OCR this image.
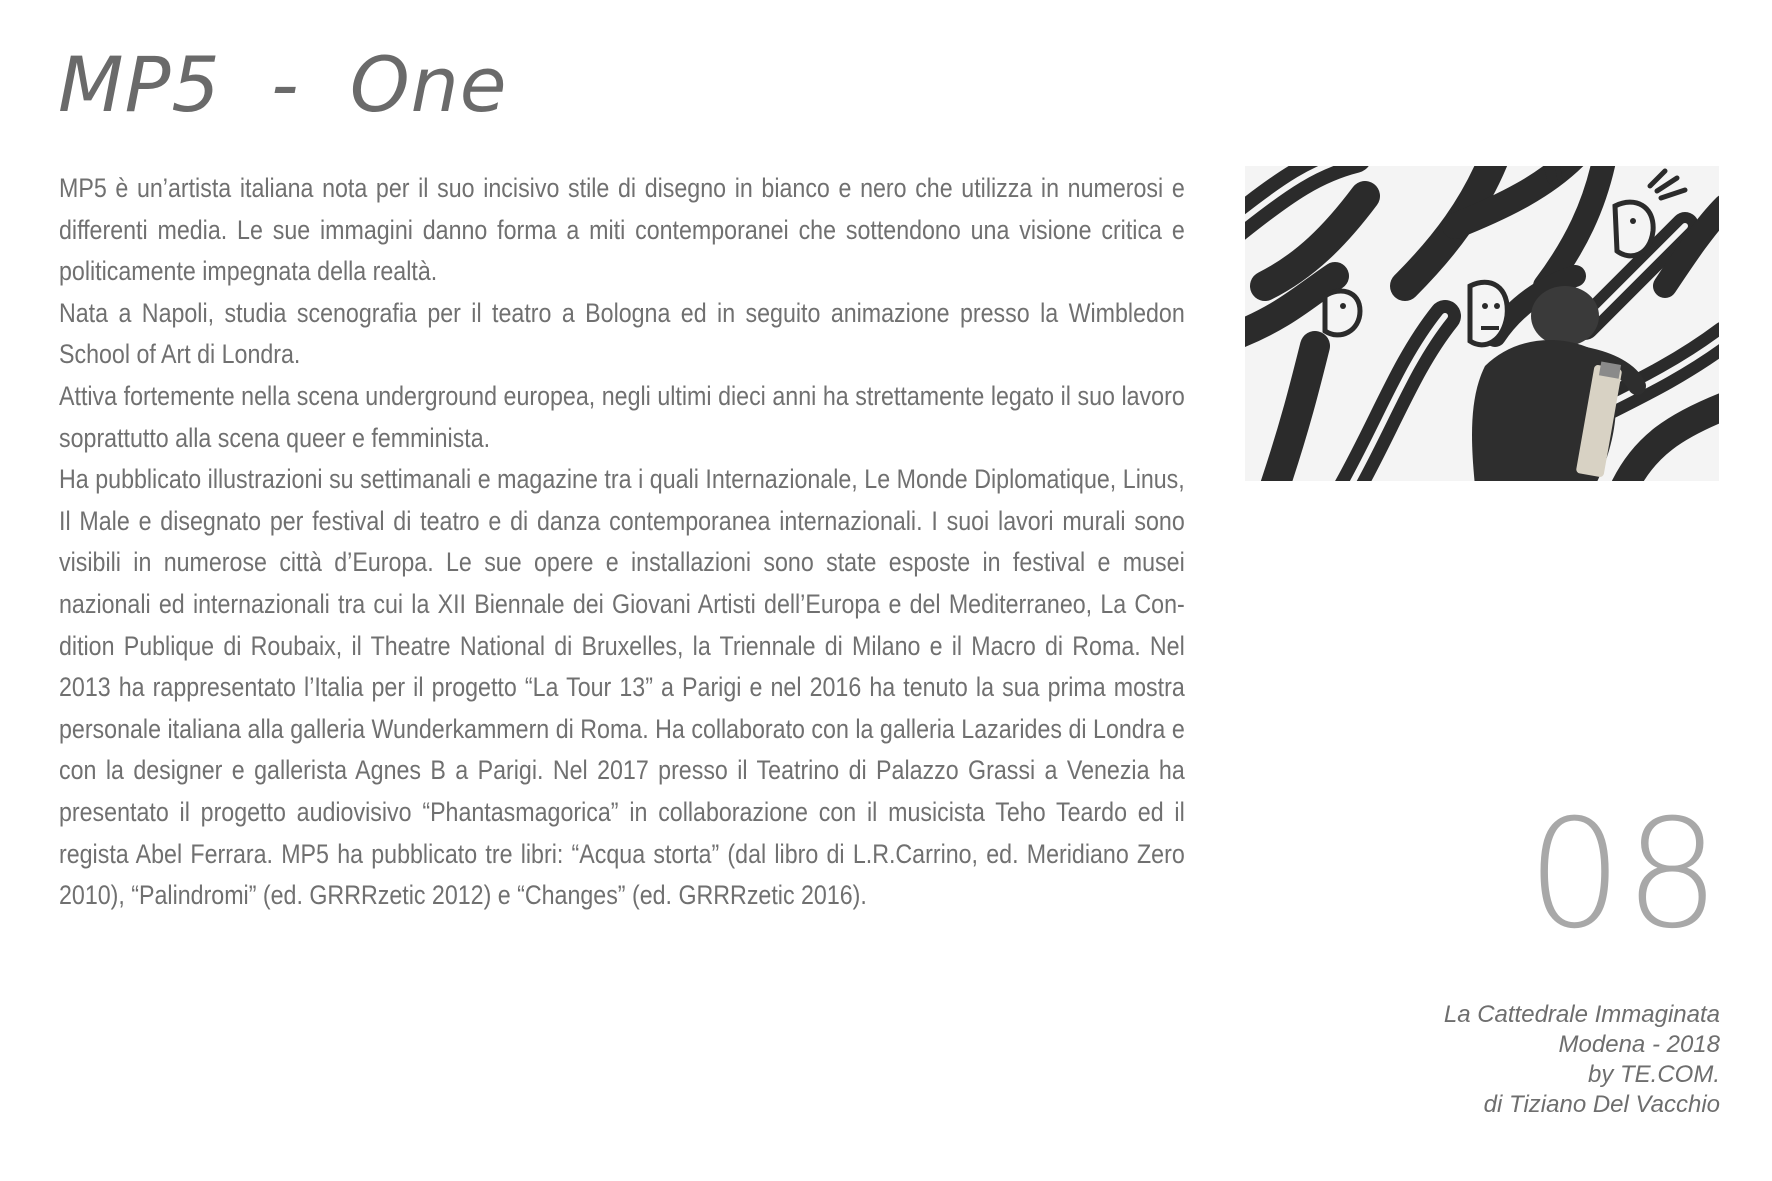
MP5  -  One

MP5 è un’artista italiana nota per il suo incisivo stile di disegno in bianco e nero che utilizza in numerosi e differenti media. Le sue immagini danno forma a miti contemporanei che sottendono una visione critica e politicamente impegnata della realtà.

Nata a Napoli, studia scenografia per il teatro a Bologna ed in seguito animazione presso la Wimbledon School of Art di Londra.

Attiva fortemente nella scena underground europea, negli ultimi dieci anni ha strettamente legato il suo lavoro soprattutto alla scena queer e femminista.

Ha pubblicato illustrazioni su settimanali e magazine tra i quali Internazionale, Le Monde Diplomatique, Linus, Il Male e disegnato per festival di teatro e di danza contemporanea internazionali. I suoi lavori murali sono visibili in numerose città d’Europa. Le sue opere e installazioni sono state esposte in festival e musei nazionali ed internazionali tra cui la XII Biennale dei Giovani Artisti dell’Europa e del Mediterraneo, La Con-dition Publique di Roubaix, il Theatre National di Bruxelles, la Triennale di Milano e il Macro di Roma. Nel 2013 ha rappresentato l’Italia per il progetto “La Tour 13” a Parigi e nel 2016 ha tenuto la sua prima mostra personale italiana alla galleria Wunderkammern di Roma. Ha collaborato con la galleria Lazarides di Londra e con la designer e gallerista Agnes B a Parigi. Nel 2017 presso il Teatrino di Palazzo Grassi a Venezia ha presentato il progetto audiovisivo “Phantasmagorica” in collaborazione con il musicista Teho Teardo ed il regista Abel Ferrara. MP5 ha pubblicato tre libri: “Acqua storta” (dal libro di L.R.Carrino, ed. Meridiano Zero 2010), “Palindromi” (ed. GRRRzetic 2012) e “Changes” (ed. GRRRzetic 2016).	08
La Cattedrale Immaginata
Modena - 2018
by TE.COM.
di Tiziano Del Vacchio
